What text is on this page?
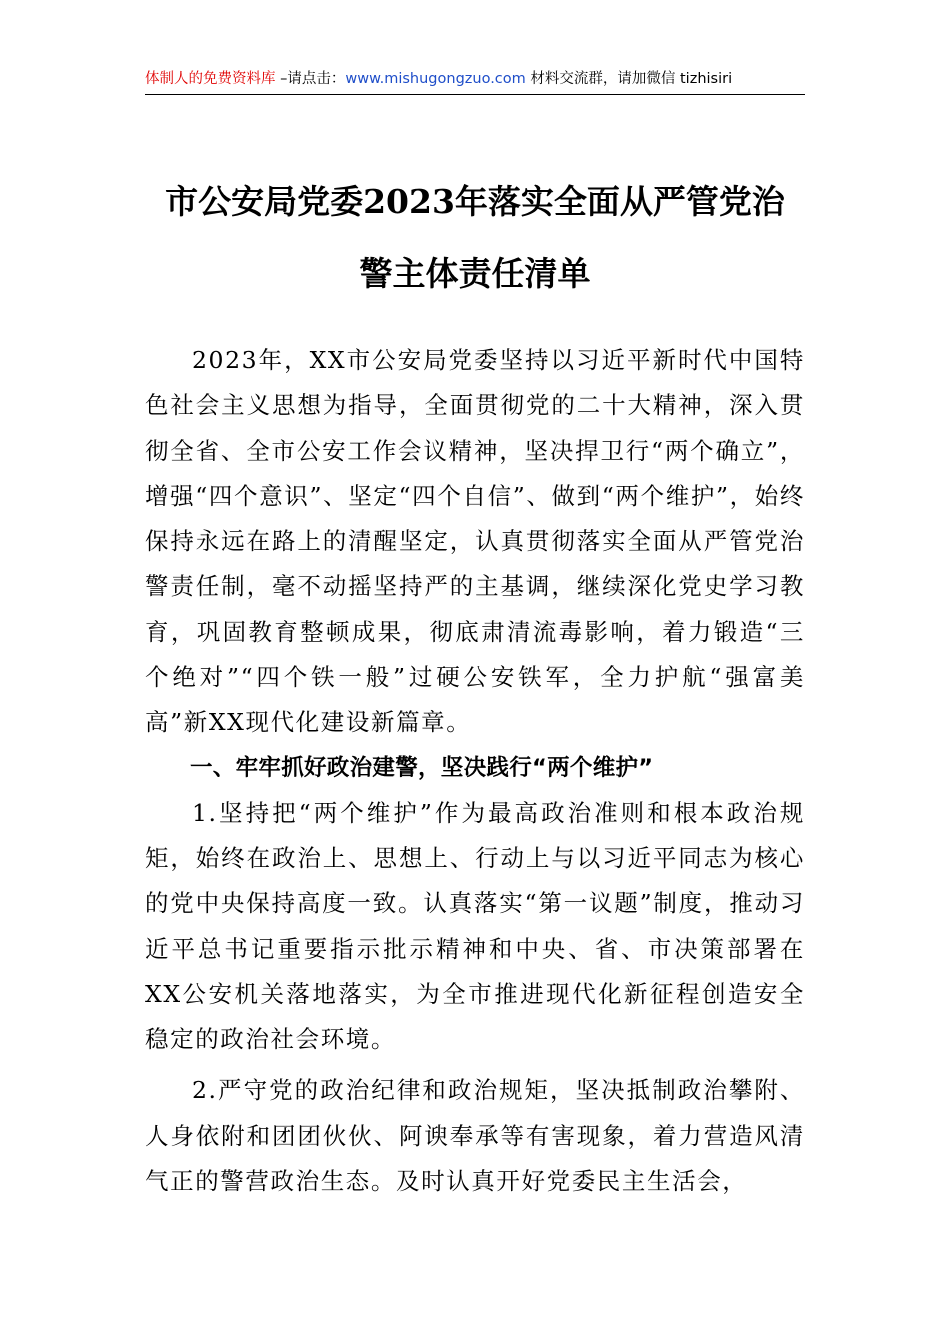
体制人的免费资料库 –请点击：www.mishugongzuo.com 材料交流群，请加微信 tizhisiri
市公安局党委2023年落实全面从严管党治
警主体责任清单

2023年，XX市公安局党委坚持以习近平新时代中国特色社会主义思想为指导，全面贯彻党的二十大精神，深入贯彻全省、全市公安工作会议精神，坚决捍卫行“两个确立”，增强“四个意识”、坚定“四个自信”、做到“两个维护”，始终保持永远在路上的清醒坚定，认真贯彻落实全面从严管党治警责任制，毫不动摇坚持严的主基调，继续深化党史学习教育，巩固教育整顿成果，彻底肃清流毒影响，着力锻造“三个绝对”“四个铁一般”过硬公安铁军，全力护航“强富美高”新XX现代化建设新篇章。

一、牢牢抓好政治建警，坚决践行“两个维护”

1.坚持把“两个维护”作为最高政治准则和根本政治规矩，始终在政治上、思想上、行动上与以习近平同志为核心的党中央保持高度一致。认真落实“第一议题”制度，推动习近平总书记重要指示批示精神和中央、省、市决策部署在XX公安机关落地落实，为全市推进现代化新征程创造安全稳定的政治社会环境。

2.严守党的政治纪律和政治规矩，坚决抵制政治攀附、人身依附和团团伙伙、阿谀奉承等有害现象，着力营造风清气正的警营政治生态。及时认真开好党委民主生活会，
